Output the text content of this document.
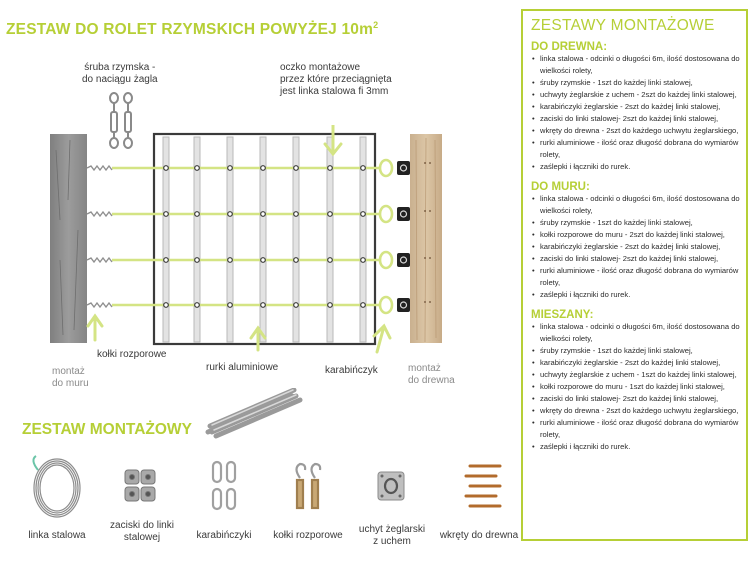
ZESTAW DO ROLET RZYMSKICH POWYŻEJ $10m^2$
śruba rzymska -
do naciągu żagla
oczko montażowe
przez które przeciągnięta
jest linka stalowa fi 3mm
kołki rozporowe
rurki aluminiowe	karabińczyk
montaż
do muru
montaż
do drewna
ZESTAW MONTAŻOWY
linka stalowa
zaciski do linki
stalowej	karabińczyki	kołki rozporowe
uchyt żeglarski
z uchem
wkręty do drewna
ZESTAWY MONTAŻOWE
DO DREWNA:
• linka stalowa - odcinki o długości 6m, ilość dostosowana do wielkości rolety,
• śruby rzymskie - 1szt do każdej linki stalowej,
• uchwyty żeglarskie z uchem - 2szt do każdej linki stalowej,
• karabińczyki żeglarskie - 2szt do każdej linki stalowej,
• zaciski do linki stalowej- 2szt do każdej linki stalowej,
• wkręty do drewna - 2szt do każdego uchwytu żeglarskiego,
• rurki aluminiowe - ilość oraz długość dobrana do wymiarów rolety,
• zaślepki i łączniki do rurek.
DO MURU:
• linka stalowa - odcinki o długości 6m, ilość dostosowana do wielkości rolety,
• śruby rzymskie - 1szt do każdej linki stalowej,
• kołki rozporowe do muru - 2szt do każdej linki stalowej,
• karabińczyki żeglarskie - 2szt do każdej linki stalowej,
• zaciski do linki stalowej- 2szt do każdej linki stalowej,
• rurki aluminiowe - ilość oraz długość dobrana do wymiarów rolety,
• zaślepki i łączniki do rurek.
MIESZANY:
• linka stalowa - odcinki o długości 6m, ilość dostosowana do wielkości rolety,
• śruby rzymskie - 1szt do każdej linki stalowej,
• karabińczyki żeglarskie - 2szt do każdej linki stalowej,
• uchwyty żeglarskie z uchem - 1szt do każdej linki stalowej,
• kołki rozporowe do muru - 1szt do każdej linki stalowej,
• zaciski do linki stalowej- 2szt do każdej linki stalowej,
• wkręty do drewna - 2szt do każdego uchwytu żeglarskiego,
• rurki aluminiowe - ilość oraz długość dobrana do wymiarów rolety,
• zaślepki i łączniki do rurek.
